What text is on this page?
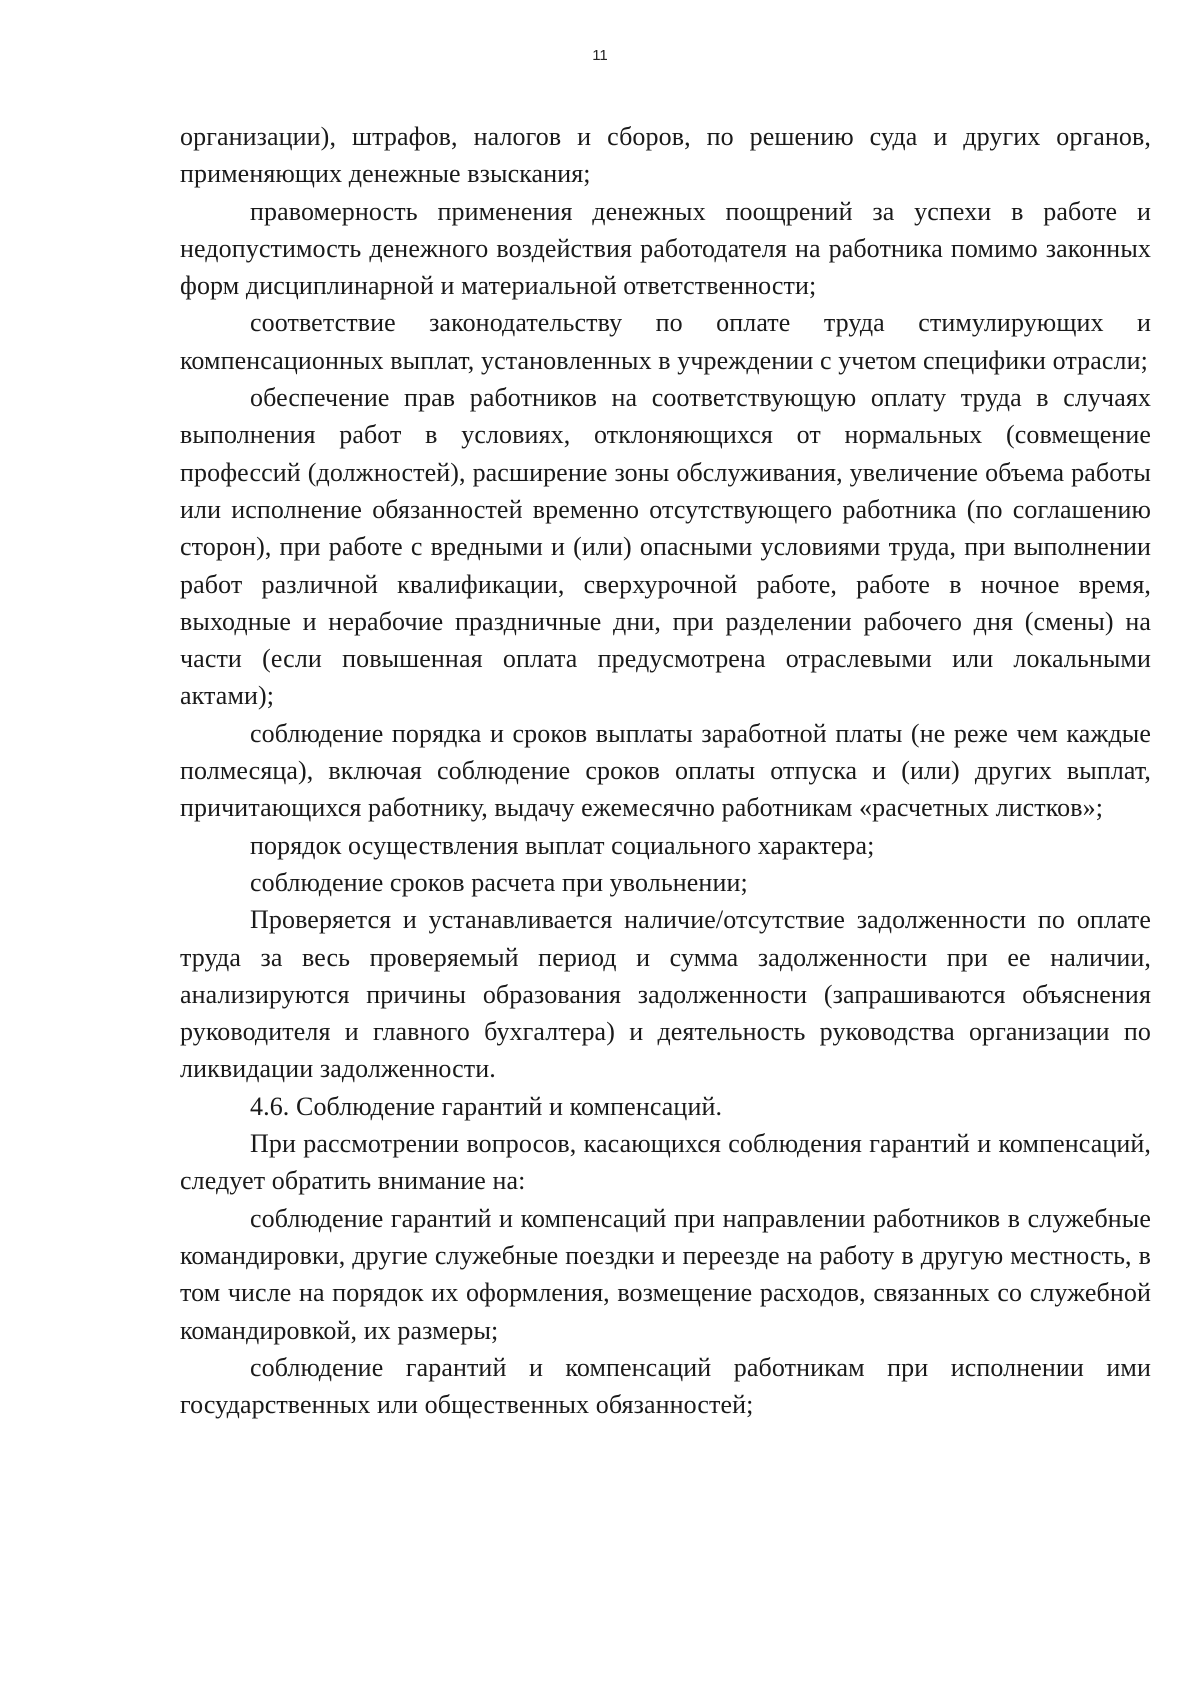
11

организации), штрафов, налогов и сборов, по решению суда и других органов, применяющих денежные взыскания;

правомерность применения денежных поощрений за успехи в работе и недопустимость денежного воздействия работодателя на работника помимо законных форм дисциплинарной и материальной ответственности;

соответствие законодательству по оплате труда стимулирующих и компенсационных выплат, установленных в учреждении с учетом специфики отрасли;

обеспечение прав работников на соответствующую оплату труда в случаях выполнения работ в условиях, отклоняющихся от нормальных (совмещение профессий (должностей), расширение зоны обслуживания, увеличение объема работы или исполнение обязанностей временно отсутствующего работника (по соглашению сторон), при работе с вредными и (или) опасными условиями труда, при выполнении работ различной квалификации, сверхурочной работе, работе в ночное время, выходные и нерабочие праздничные дни, при разделении рабочего дня (смены) на части (если повышенная оплата предусмотрена отраслевыми или локальными актами);

соблюдение порядка и сроков выплаты заработной платы (не реже чем каждые полмесяца), включая соблюдение сроков оплаты отпуска и (или) других выплат, причитающихся работнику, выдачу ежемесячно работникам «расчетных листков»;

порядок осуществления выплат социального характера;

соблюдение сроков расчета при увольнении;

Проверяется и устанавливается наличие/отсутствие задолженности по оплате труда за весь проверяемый период и сумма задолженности при ее наличии, анализируются причины образования задолженности (запрашиваются объяснения руководителя и главного бухгалтера) и деятельность руководства организации по ликвидации задолженности.

4.6. Соблюдение гарантий и компенсаций.

При рассмотрении вопросов, касающихся соблюдения гарантий и компенсаций, следует обратить внимание на:

соблюдение гарантий и компенсаций при направлении работников в служебные командировки, другие служебные поездки и переезде на работу в другую местность, в том числе на порядок их оформления, возмещение расходов, связанных со служебной командировкой, их размеры;

соблюдение гарантий и компенсаций работникам при исполнении ими государственных или общественных обязанностей;
